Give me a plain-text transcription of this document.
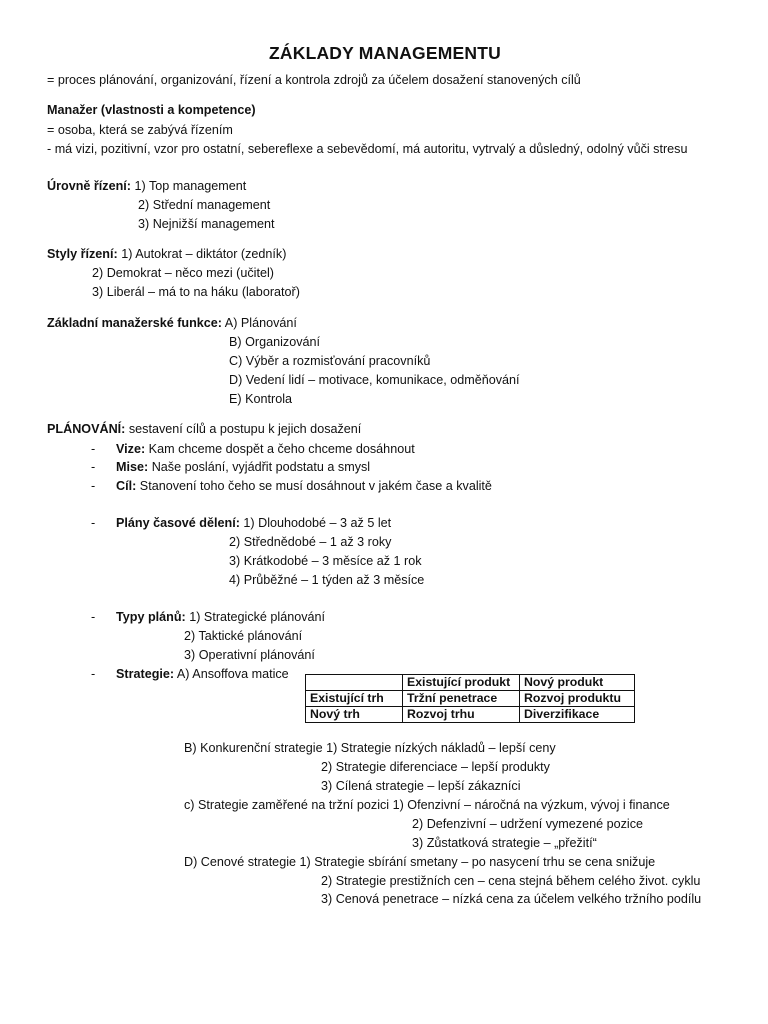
ZÁKLADY MANAGEMENTU
= proces plánování, organizování, řízení a kontrola zdrojů za účelem dosažení stanovených cílů
Manažer (vlastnosti a kompetence)
= osoba, která se zabývá řízením
- má vizi, pozitivní, vzor pro ostatní, sebereflexe a sebevědomí, má autoritu, vytrvalý a důsledný, odolný vůči stresu
Úrovně řízení: 1) Top management
2) Střední management
3) Nejnižší management
Styly řízení: 1) Autokrat – diktátor (zedník)
2) Demokrat – něco mezi (učitel)
3) Liberál – má to na háku (laboratoř)
Základní manažerské funkce: A) Plánování
B) Organizování
C) Výběr a rozmisťování pracovníků
D) Vedení lidí – motivace, komunikace, odměňování
E) Kontrola
PLÁNOVÁNÍ: sestavení cílů a postupu k jejich dosažení
- Vize: Kam chceme dospět a čeho chceme dosáhnout
- Mise: Naše poslání, vyjádřit podstatu a smysl
- Cíl: Stanovení toho čeho se musí dosáhnout v jakém čase a kvalitě
- Plány časové dělení: 1) Dlouhodobé – 3 až 5 let
2) Střednědobé – 1 až 3 roky
3) Krátkodobé – 3 měsíce až 1 rok
4) Průběžné – 1 týden až 3 měsíce
- Typy plánů: 1) Strategické plánování
2) Taktické plánování
3) Operativní plánování
- Strategie: A) Ansoffova matice
	Existující produkt	Nový produkt
Existující trh	Tržní penetrace	Rozvoj produktu
Nový trh	Rozvoj trhu	Diverzifikace
B) Konkurenční strategie 1) Strategie nízkých nákladů – lepší ceny
2) Strategie diferenciace – lepší produkty
3) Cílená strategie – lepší zákazníci
c) Strategie zaměřené na tržní pozici 1) Ofenzivní – náročná na výzkum, vývoj i finance
2) Defenzivní – udržení vymezené pozice
3) Zůstatková strategie – „přežití“
D) Cenové strategie 1) Strategie sbírání smetany – po nasycení trhu se cena snižuje
2) Strategie prestižních cen – cena stejná během celého život. cyklu
3) Cenová penetrace – nízká cena za účelem velkého tržního podílu
